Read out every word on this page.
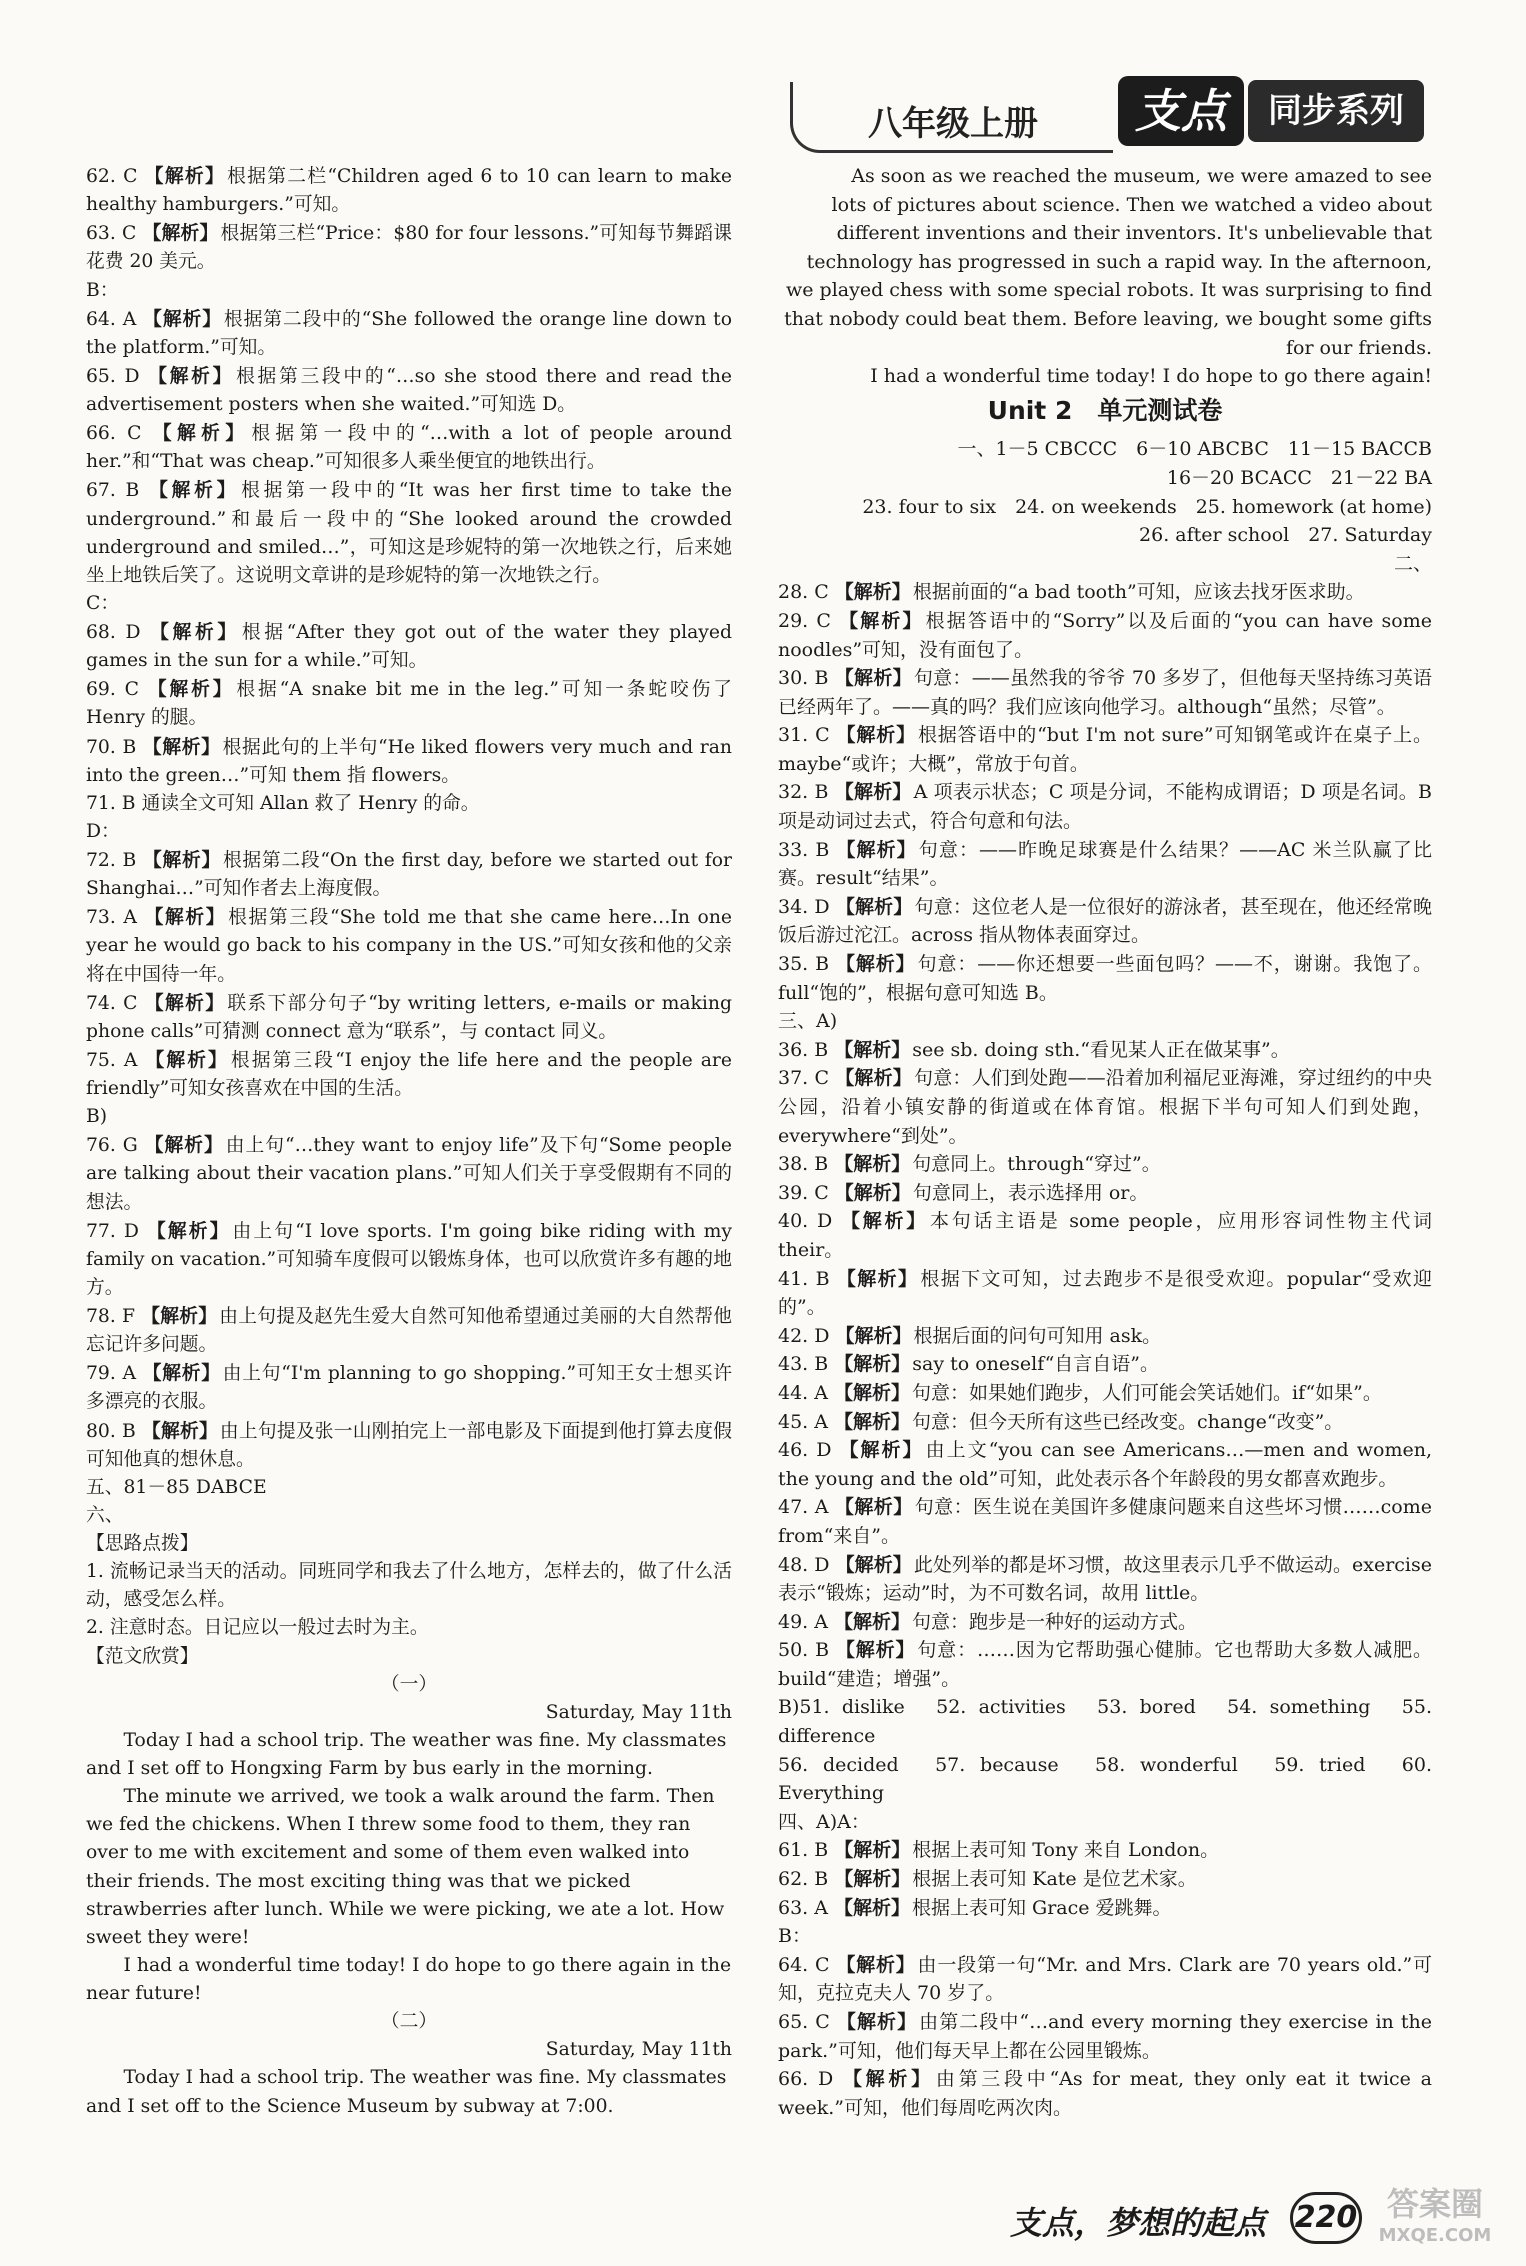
八年级上册	支点	同步系列

62. C 【解析】 根据第二栏“Children aged 6 to 10 can learn to make healthy hamburgers.”可知。

63. C 【解析】 根据第三栏“Price：$80 for four lessons.”可知每节舞蹈课花费 20 美元。

B：

64. A 【解析】 根据第二段中的“She followed the orange line down to the platform.”可知。

65. D 【解析】 根据第三段中的“…so she stood there and read the advertisement posters when she waited.”可知选 D。

66. C 【解析】 根据第一段中的“…with a lot of people around her.”和“That was cheap.”可知很多人乘坐便宜的地铁出行。

67. B 【解析】 根据第一段中的“It was her first time to take the underground.”和最后一段中的“She looked around the crowded underground and smiled…”，可知这是珍妮特的第一次地铁之行，后来她坐上地铁后笑了。这说明文章讲的是珍妮特的第一次地铁之行。

C：

68. D 【解析】 根据“After they got out of the water they played games in the sun for a while.”可知。

69. C 【解析】 根据“A snake bit me in the leg.”可知一条蛇咬伤了 Henry 的腿。

70. B 【解析】 根据此句的上半句“He liked flowers very much and ran into the green…”可知 them 指 flowers。

71. B 通读全文可知 Allan 救了 Henry 的命。

D：

72. B 【解析】 根据第二段“On the first day, before we started out for Shanghai…”可知作者去上海度假。

73. A 【解析】 根据第三段“She told me that she came here…In one year he would go back to his company in the US.”可知女孩和他的父亲将在中国待一年。

74. C 【解析】 联系下部分句子“by writing letters, e-mails or making phone calls”可猜测 connect 意为“联系”，与 contact 同义。

75. A 【解析】 根据第三段“I enjoy the life here and the people are friendly”可知女孩喜欢在中国的生活。

B)

76. G 【解析】 由上句“…they want to enjoy life”及下句“Some people are talking about their vacation plans.”可知人们关于享受假期有不同的想法。

77. D 【解析】 由上句“I love sports. I'm going bike riding with my family on vacation.”可知骑车度假可以锻炼身体，也可以欣赏许多有趣的地方。

78. F 【解析】 由上句提及赵先生爱大自然可知他希望通过美丽的大自然帮他忘记许多问题。

79. A 【解析】 由上句“I'm planning to go shopping.”可知王女士想买许多漂亮的衣服。

80. B 【解析】 由上句提及张一山刚拍完上一部电影及下面提到他打算去度假可知他真的想休息。

五、81－85 DABCE

六、

【思路点拨】

1. 流畅记录当天的活动。同班同学和我去了什么地方，怎样去的，做了什么活动，感受怎么样。

2. 注意时态。日记应以一般过去时为主。

【范文欣赏】

（一）

Saturday, May 11th

Today I had a school trip. The weather was fine. My classmates and I set off to Hongxing Farm by bus early in the morning.

The minute we arrived, we took a walk around the farm. Then we fed the chickens. When I threw some food to them, they ran over to me with excitement and some of them even walked into their friends. The most exciting thing was that we picked strawberries after lunch. While we were picking, we ate a lot. How sweet they were!

I had a wonderful time today! I do hope to go there again in the near future!

（二）

Saturday, May 11th

Today I had a school trip. The weather was fine. My classmates and I set off to the Science Museum by subway at 7:00.

As soon as we reached the museum, we were amazed to see lots of pictures about science. Then we watched a video about different inventions and their inventors. It's unbelievable that technology has progressed in such a rapid way. In the afternoon, we played chess with some special robots. It was surprising to find that nobody could beat them. Before leaving, we bought some gifts for our friends.

I had a wonderful time today! I do hope to go there again!

Unit 2　单元测试卷

一、1－5 CBCCC　6－10 ABCBC　11－15 BACCB

16－20 BCACC　21－22 BA

23. four to six　24. on weekends　25. homework (at home)

26. after school　27. Saturday

二、

28. C 【解析】 根据前面的“a bad tooth”可知，应该去找牙医求助。

29. C 【解析】 根据答语中的“Sorry”以及后面的“you can have some noodles”可知，没有面包了。

30. B 【解析】 句意：——虽然我的爷爷 70 多岁了，但他每天坚持练习英语已经两年了。——真的吗？我们应该向他学习。although“虽然；尽管”。

31. C 【解析】 根据答语中的“but I'm not sure”可知钢笔或许在桌子上。maybe“或许；大概”，常放于句首。

32. B 【解析】 A 项表示状态；C 项是分词，不能构成谓语；D 项是名词。B 项是动词过去式，符合句意和句法。

33. B 【解析】 句意：——昨晚足球赛是什么结果？——AC 米兰队赢了比赛。result“结果”。

34. D 【解析】 句意：这位老人是一位很好的游泳者，甚至现在，他还经常晚饭后游过沱江。across 指从物体表面穿过。

35. B 【解析】 句意：——你还想要一些面包吗？——不，谢谢。我饱了。full“饱的”，根据句意可知选 B。

三、A)

36. B 【解析】 see sb. doing sth.“看见某人正在做某事”。

37. C 【解析】 句意：人们到处跑——沿着加利福尼亚海滩，穿过纽约的中央公园，沿着小镇安静的街道或在体育馆。根据下半句可知人们到处跑，everywhere“到处”。

38. B 【解析】 句意同上。through“穿过”。

39. C 【解析】 句意同上，表示选择用 or。

40. D 【解析】 本句话主语是 some people，应用形容词性物主代词 their。

41. B 【解析】 根据下文可知，过去跑步不是很受欢迎。popular“受欢迎的”。

42. D 【解析】 根据后面的问句可知用 ask。

43. B 【解析】 say to oneself“自言自语”。

44. A 【解析】 句意：如果她们跑步，人们可能会笑话她们。if“如果”。

45. A 【解析】 句意：但今天所有这些已经改变。change“改变”。

46. D 【解析】 由上文“you can see Americans…—men and women, the young and the old”可知，此处表示各个年龄段的男女都喜欢跑步。

47. A 【解析】 句意：医生说在美国许多健康问题来自这些坏习惯……come from“来自”。

48. D 【解析】 此处列举的都是坏习惯，故这里表示几乎不做运动。exercise 表示“锻炼；运动”时，为不可数名词，故用 little。

49. A 【解析】 句意：跑步是一种好的运动方式。

50. B 【解析】 句意：……因为它帮助强心健肺。它也帮助大多数人减肥。build“建造；增强”。

B)51. dislike　52. activities　53. bored　54. something　55. difference

56. decided　57. because　58. wonderful　59. tried　60. Everything

四、A)A：

61. B 【解析】 根据上表可知 Tony 来自 London。

62. B 【解析】 根据上表可知 Kate 是位艺术家。

63. A 【解析】 根据上表可知 Grace 爱跳舞。

B：

64. C 【解析】 由一段第一句“Mr. and Mrs. Clark are 70 years old.”可知，克拉克夫人 70 岁了。

65. C 【解析】 由第二段中“…and every morning they exercise in the park.”可知，他们每天早上都在公园里锻炼。

66. D 【解析】 由第三段中“As for meat, they only eat it twice a week.”可知，他们每周吃两次肉。

支点，梦想的起点 220 答案圈
MXQE.COM
